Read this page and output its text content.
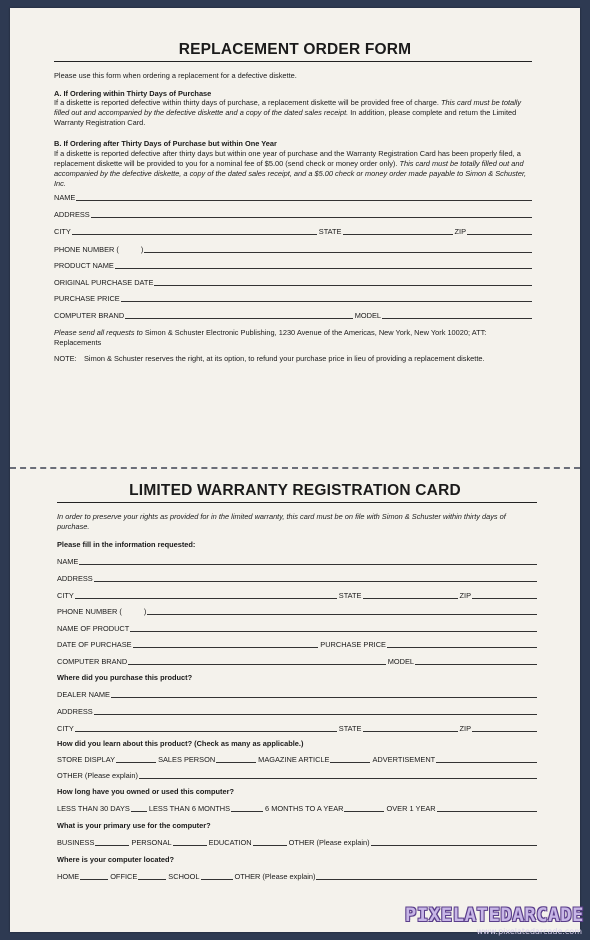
REPLACEMENT ORDER FORM
Please use this form when ordering a replacement for a defective diskette.
A. If Ordering within Thirty Days of Purchase
If a diskette is reported defective within thirty days of purchase, a replacement diskette will be provided free of charge. This card must be totally filled out and accompanied by the defective diskette and a copy of the dated sales receipt. In addition, please complete and return the Limited Warranty Registration Card.
B. If Ordering after Thirty Days of Purchase but within One Year
If a diskette is reported defective after thirty days but within one year of purchase and the Warranty Registration Card has been properly filed, a replacement diskette will be provided to you for a nominal fee of $5.00 (send check or money order only). This card must be totally filled out and accompanied by the defective diskette, a copy of the dated sales receipt, and a $5.00 check or money order made payable to Simon & Schuster, Inc.
NAME
ADDRESS
CITY	STATE	ZIP
PHONE NUMBER (	)
PRODUCT NAME
ORIGINAL PURCHASE DATE
PURCHASE PRICE
COMPUTER BRAND	MODEL
Please send all requests to Simon & Schuster Electronic Publishing, 1230 Avenue of the Americas, New York, New York 10020; ATT: Replacements
NOTE: Simon & Schuster reserves the right, at its option, to refund your purchase price in lieu of providing a replacement diskette.
LIMITED WARRANTY REGISTRATION CARD
In order to preserve your rights as provided for in the limited warranty, this card must be on file with Simon & Schuster within thirty days of purchase.
Please fill in the information requested:
NAME
ADDRESS
CITY	STATE	ZIP
PHONE NUMBER (	)
NAME OF PRODUCT
DATE OF PURCHASE	PURCHASE PRICE
COMPUTER BRAND	MODEL
Where did you purchase this product?
DEALER NAME
ADDRESS
CITY	STATE	ZIP
How did you learn about this product? (Check as many as applicable.)
STORE DISPLAY	SALES PERSON	MAGAZINE ARTICLE	ADVERTISEMENT
OTHER (Please explain)
How long have you owned or used this computer?
LESS THAN 30 DAYS	LESS THAN 6 MONTHS	6 MONTHS TO A YEAR	OVER 1 YEAR
What is your primary use for the computer?
BUSINESS	PERSONAL	EDUCATION	OTHER (Please explain)
Where is your computer located?
HOME	OFFICE	SCHOOL	OTHER (Please explain)
PIXELATEDARCADE
www.pixelatedarcade.com
